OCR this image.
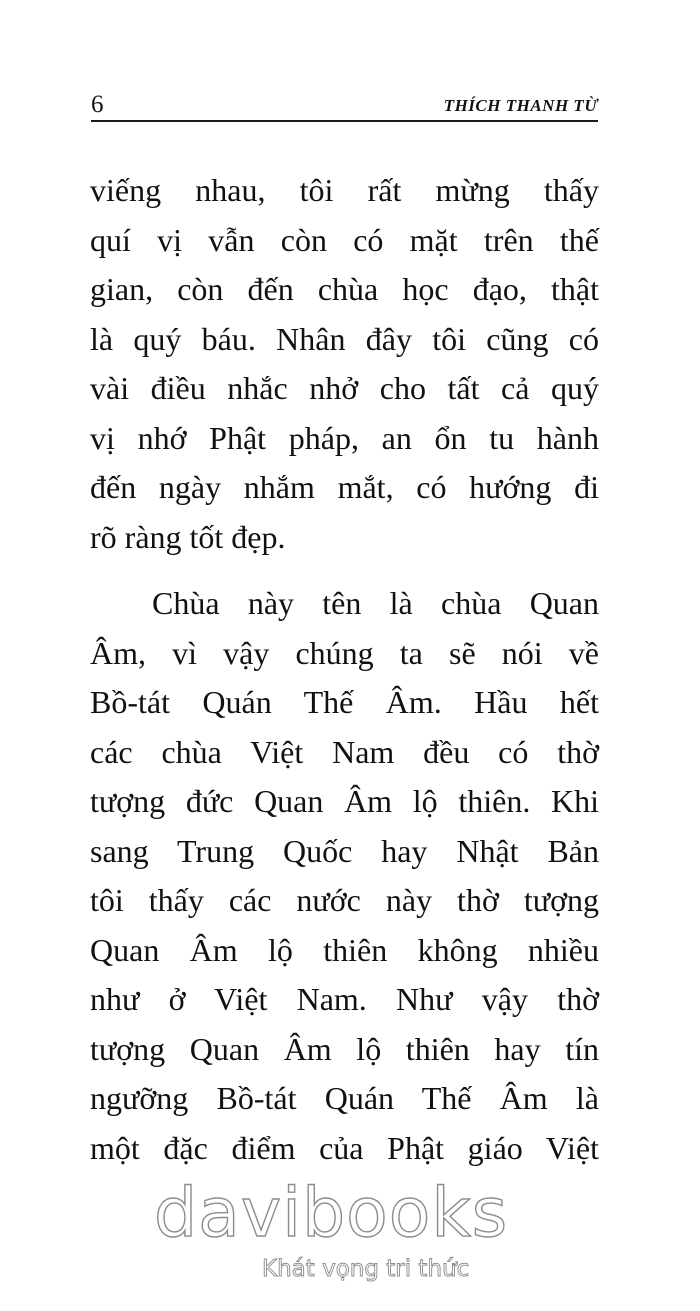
6	THÍCH THANH TỪ

viếng nhau, tôi rất mừng thấy
quí vị vẫn còn có mặt trên thế
gian, còn đến chùa học đạo, thật
là quý báu. Nhân đây tôi cũng có
vài điều nhắc nhở cho tất cả quý
vị nhớ Phật pháp, an ổn tu hành
đến ngày nhắm mắt, có hướng đi
rõ ràng tốt đẹp.

Chùa này tên là chùa Quan
Âm, vì vậy chúng ta sẽ nói về
Bồ-tát Quán Thế Âm. Hầu hết
các chùa Việt Nam đều có thờ
tượng đức Quan Âm lộ thiên. Khi
sang Trung Quốc hay Nhật Bản
tôi thấy các nước này thờ tượng
Quan Âm lộ thiên không nhiều
như ở Việt Nam. Như vậy thờ
tượng Quan Âm lộ thiên hay tín
ngưỡng Bồ-tát Quán Thế Âm là
một đặc điểm của Phật giáo Việt

davibooks
Khát vọng tri thức
